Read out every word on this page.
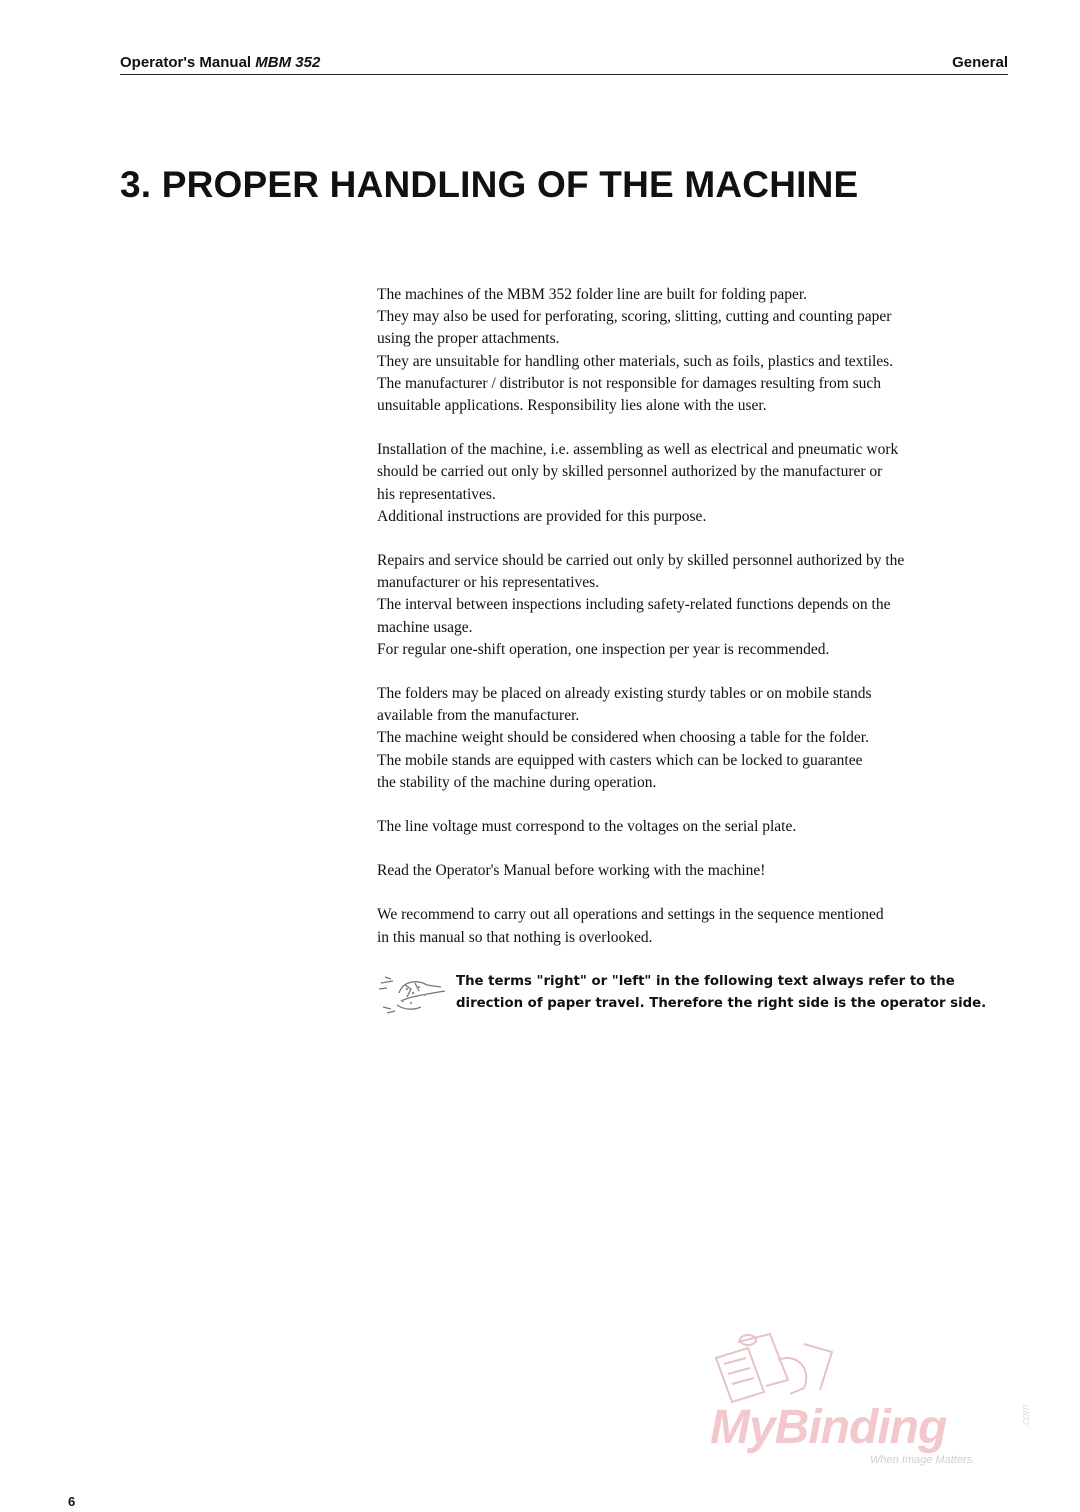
Operator's Manual MBM 352	General
3. PROPER HANDLING OF THE MACHINE

The machines of the MBM 352 folder line are built for folding paper.
They may also be used for perforating, scoring, slitting, cutting and counting paper
using the proper attachments.
They are unsuitable for handling other materials, such as foils, plastics and textiles.
The manufacturer / distributor is not responsible for damages resulting from such
unsuitable applications. Responsibility lies alone with the user.

Installation of the machine, i.e. assembling as well as electrical and pneumatic work
should be carried out only by skilled personnel authorized by the manufacturer or
his representatives.
Additional instructions are provided for this purpose.

Repairs and service should be carried out only by skilled personnel authorized by the
manufacturer or his representatives.
The interval between inspections including safety-related functions depends on the
machine usage.
For regular one-shift operation, one inspection per year is recommended.

The folders may be placed on already existing sturdy tables or on mobile stands
available from the manufacturer.
The machine weight should be considered when choosing a table for the folder.
The mobile stands are equipped with casters which can be locked to guarantee
the stability of the machine during operation.

The line voltage must correspond to the voltages on the serial plate.

Read the Operator's Manual before working with the machine!

We recommend to carry out all operations and settings in the sequence mentioned
in this manual so that nothing is overlooked.

The terms "right" or "left" in the following text always refer to the
direction of paper travel. Therefore the right side is the operator side.
MyBinding	.com
When Image Matters.
6
